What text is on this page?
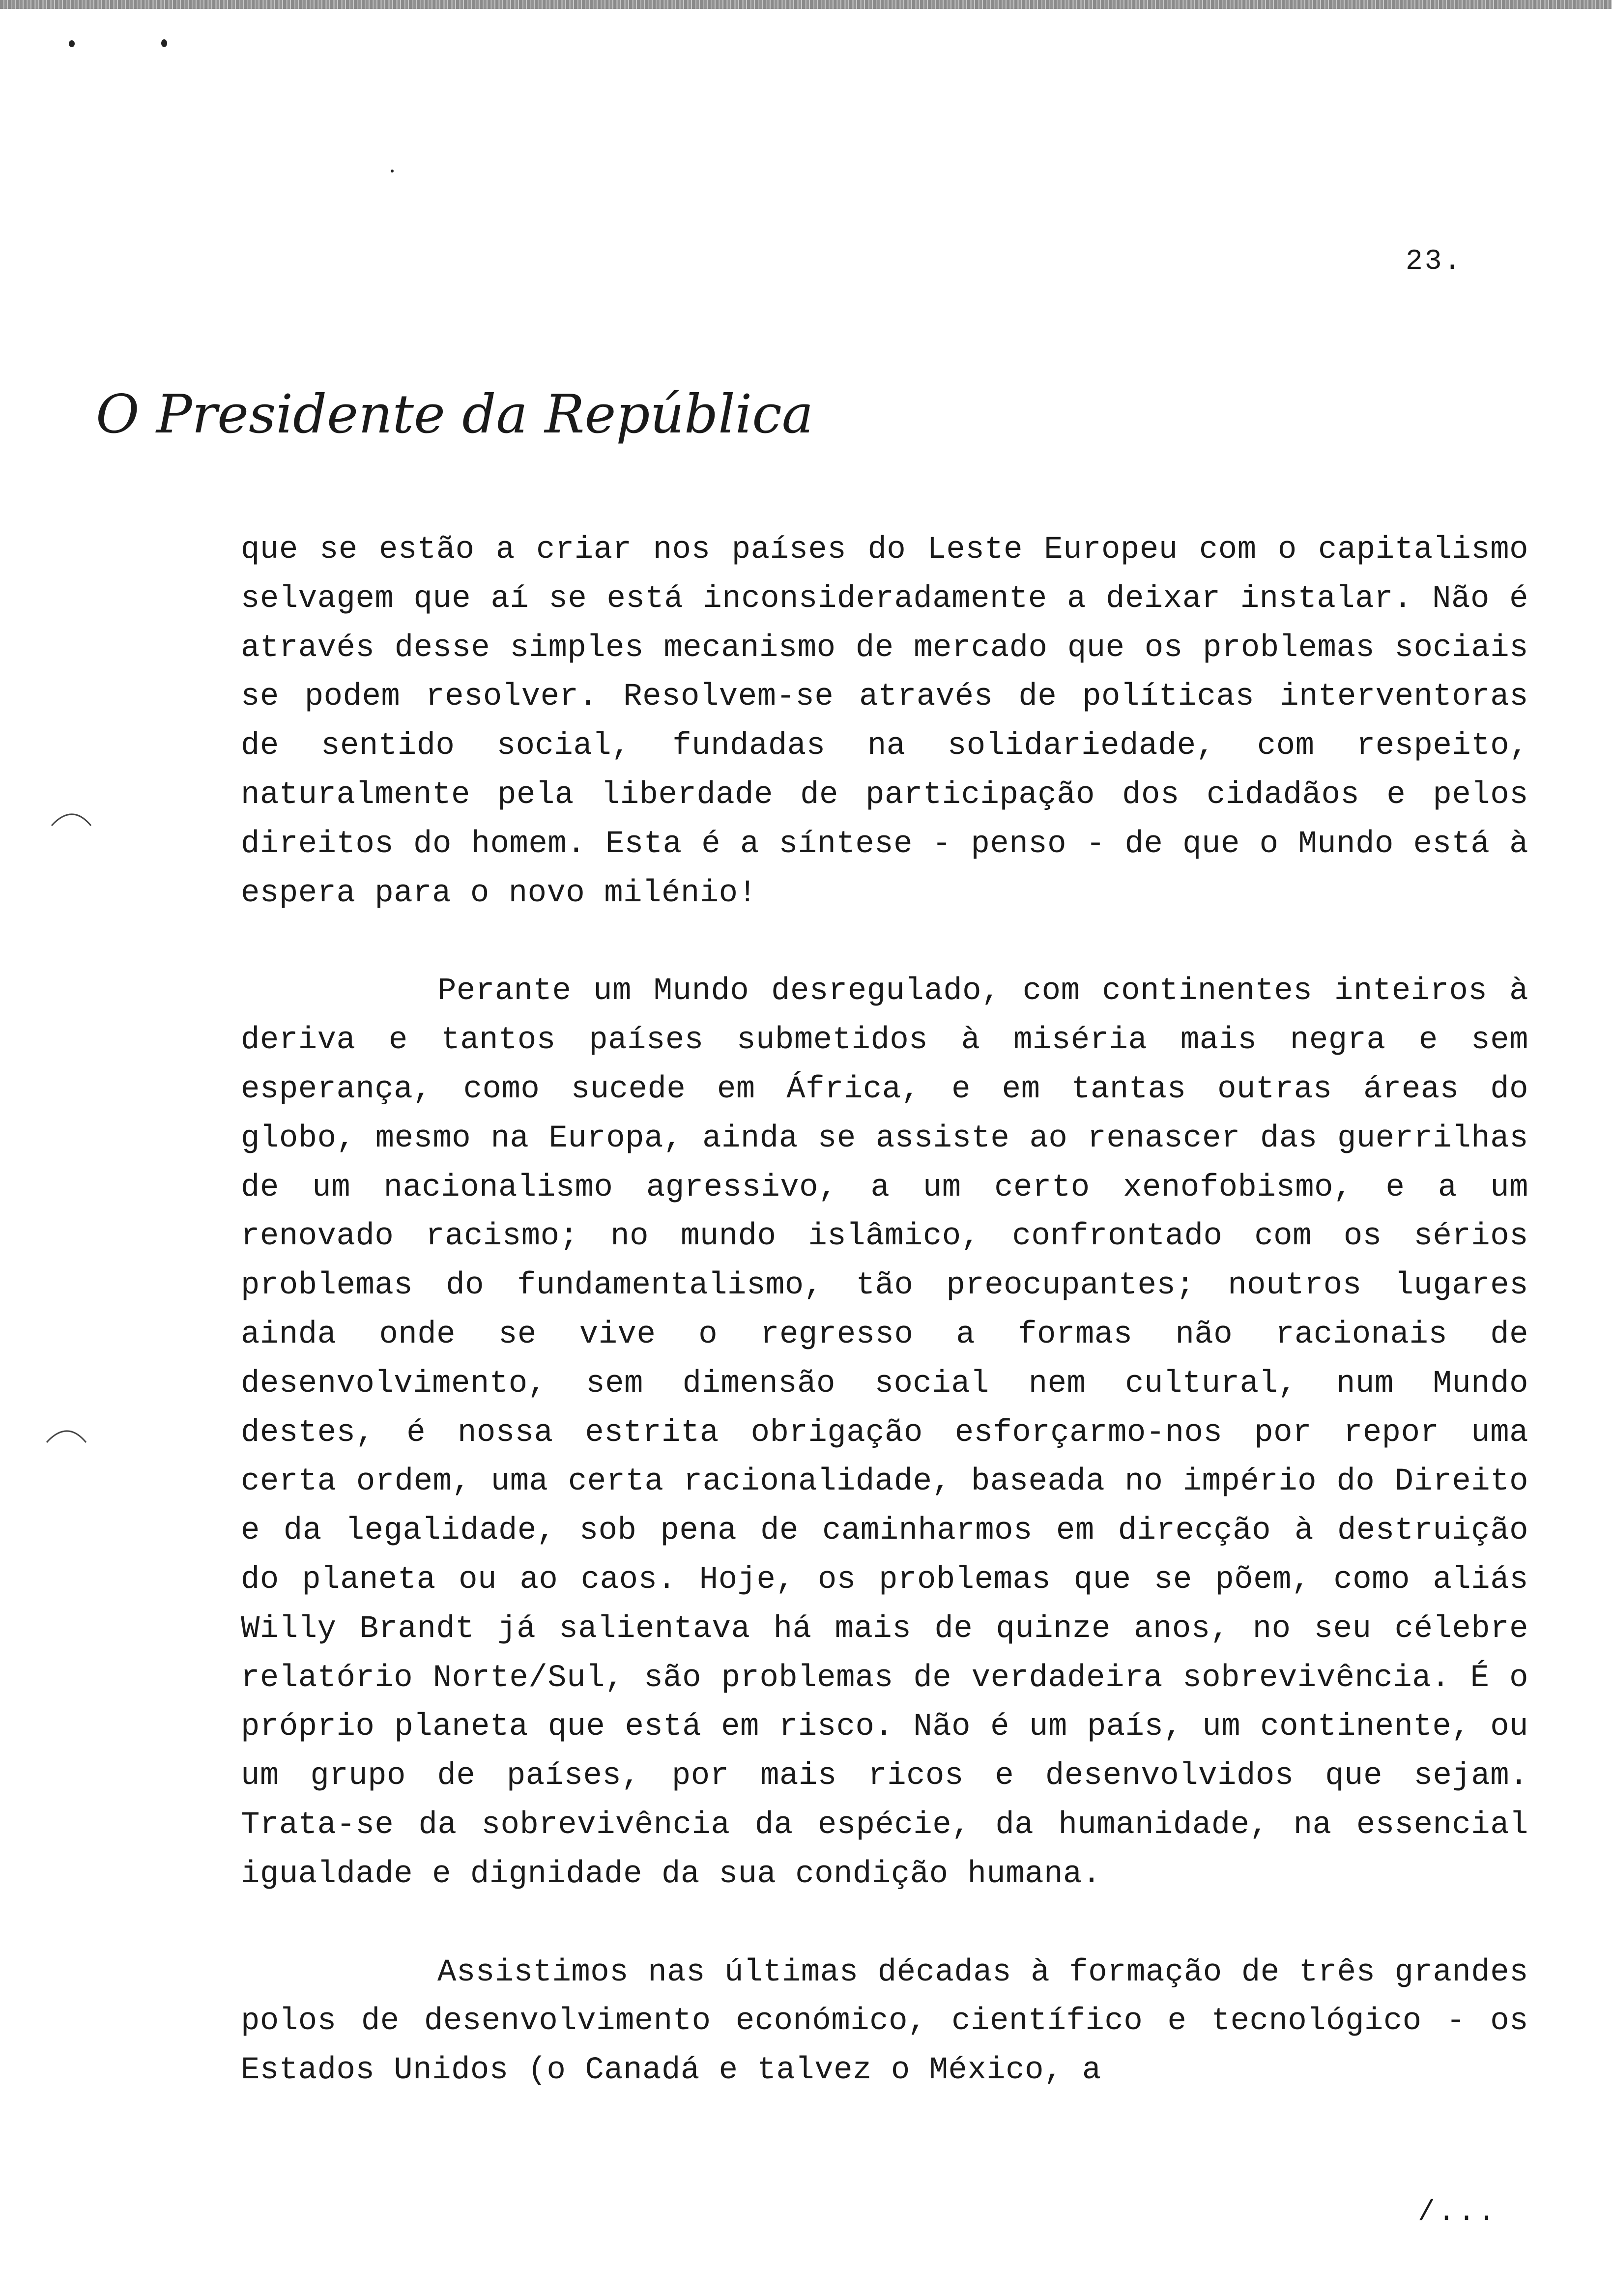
23.
O Presidente da República

que se estão a criar nos países do Leste Europeu com o capitalismo selvagem que aí se está inconsideradamente a deixar instalar. Não é através desse simples mecanismo de mercado que os problemas sociais se podem resolver. Resolvem-se através de políticas interventoras de sentido social, fundadas na solidariedade, com respeito, naturalmente pela liberdade de participação dos cidadãos e pelos direitos do homem. Esta é a síntese - penso - de que o Mundo está à espera para o novo milénio!

Perante um Mundo desregulado, com continentes inteiros à deriva e tantos países submetidos à miséria mais negra e sem esperança, como sucede em África, e em tantas outras áreas do globo, mesmo na Europa, ainda se assiste ao renascer das guerrilhas de um nacionalismo agressivo, a um certo xenofobismo, e a um renovado racismo; no mundo islâmico, confrontado com os sérios problemas do fundamentalismo, tão preocupantes; noutros lugares ainda onde se vive o regresso a formas não racionais de desenvolvimento, sem dimensão social nem cultural, num Mundo destes, é nossa estrita obrigação esforçarmo-nos por repor uma certa ordem, uma certa racionalidade, baseada no império do Direito e da legalidade, sob pena de caminharmos em direcção à destruição do planeta ou ao caos. Hoje, os problemas que se põem, como aliás Willy Brandt já salientava há mais de quinze anos, no seu célebre relatório Norte/Sul, são problemas de verdadeira sobrevivência. É o próprio planeta que está em risco. Não é um país, um continente, ou um grupo de países, por mais ricos e desenvolvidos que sejam. Trata-se da sobrevivência da espécie, da humanidade, na essencial igualdade e dignidade da sua condição humana.

Assistimos nas últimas décadas à formação de três grandes polos de desenvolvimento económico, científico e tecnológico - os Estados Unidos (o Canadá e talvez o México, a

/...
